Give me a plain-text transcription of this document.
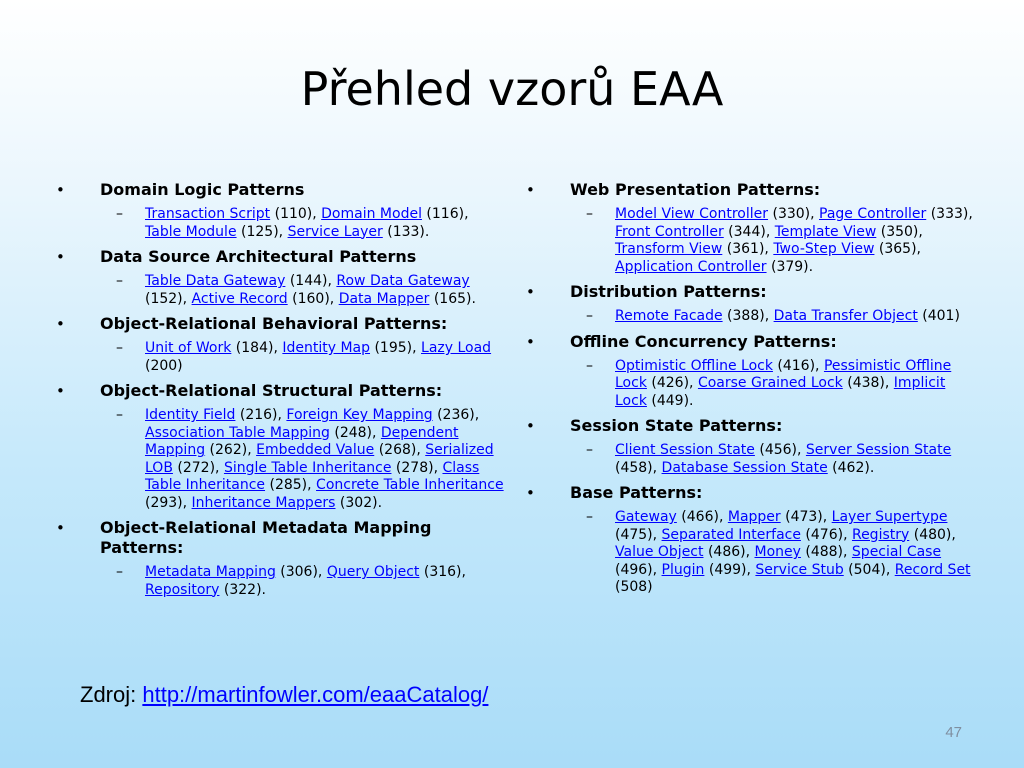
Přehled vzorů EAA
• Domain Logic Patterns
– Transaction Script (110), Domain Model (116), Table Module (125), Service Layer (133).
• Data Source Architectural Patterns
– Table Data Gateway (144), Row Data Gateway (152), Active Record (160), Data Mapper (165).
• Object-Relational Behavioral Patterns:
– Unit of Work (184), Identity Map (195), Lazy Load (200)
• Object-Relational Structural Patterns:
– Identity Field (216), Foreign Key Mapping (236), Association Table Mapping (248), Dependent Mapping (262), Embedded Value (268), Serialized LOB (272), Single Table Inheritance (278), Class Table Inheritance (285), Concrete Table Inheritance (293), Inheritance Mappers (302).
• Object-Relational Metadata Mapping Patterns:
– Metadata Mapping (306), Query Object (316), Repository (322).
• Web Presentation Patterns:
– Model View Controller (330), Page Controller (333), Front Controller (344), Template View (350), Transform View (361), Two-Step View (365), Application Controller (379).
• Distribution Patterns:
– Remote Facade (388), Data Transfer Object (401)
• Offline Concurrency Patterns:
– Optimistic Offline Lock (416), Pessimistic Offline Lock (426), Coarse Grained Lock (438), Implicit Lock (449).
• Session State Patterns:
– Client Session State (456), Server Session State (458), Database Session State (462).
• Base Patterns:
– Gateway (466), Mapper (473), Layer Supertype (475), Separated Interface (476), Registry (480), Value Object (486), Money (488), Special Case (496), Plugin (499), Service Stub (504), Record Set (508)
Zdroj: http://martinfowler.com/eaaCatalog/
47
